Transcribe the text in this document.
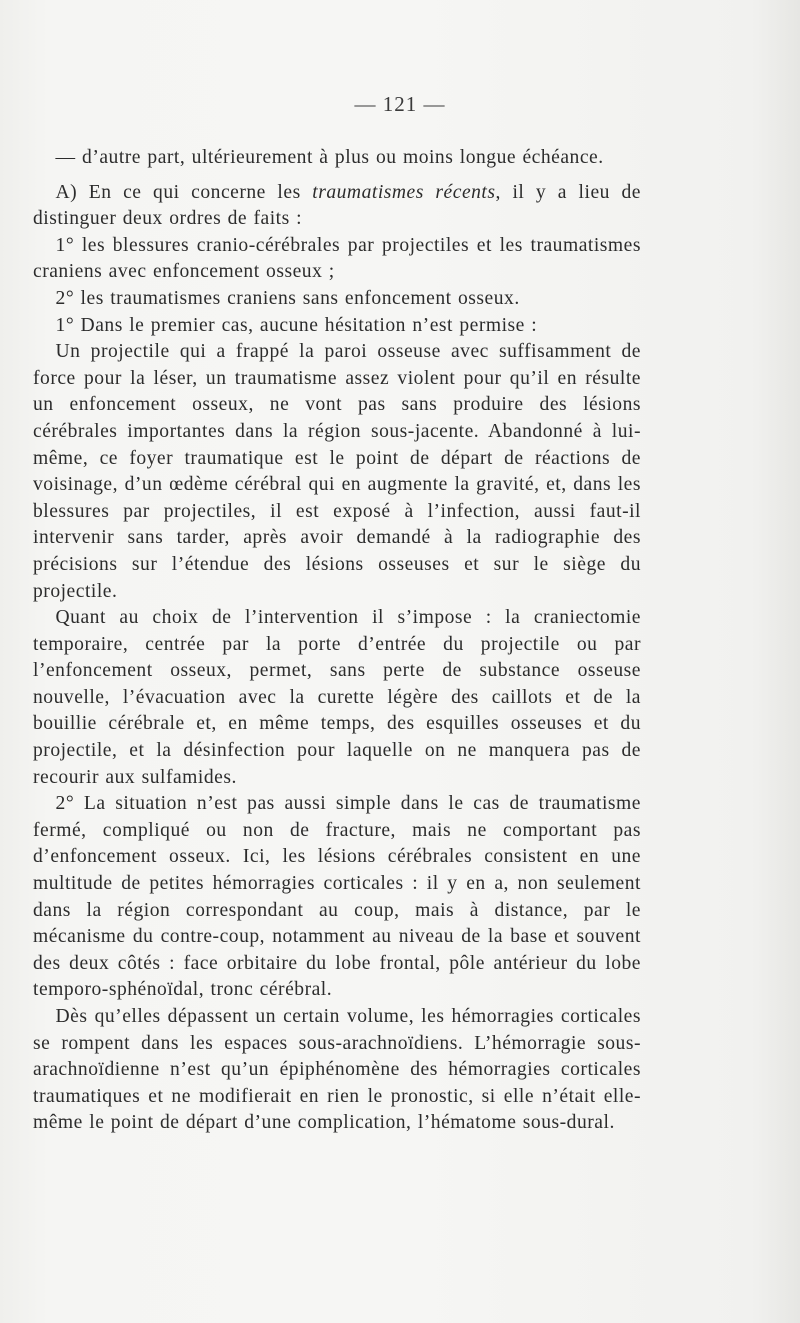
— 121 —

— d’autre part, ultérieurement à plus ou moins longue échéance.

A) En ce qui concerne les traumatismes récents, il y a lieu de distinguer deux ordres de faits :

1° les blessures cranio-cérébrales par projectiles et les traumatismes craniens avec enfoncement osseux ;

2° les traumatismes craniens sans enfoncement osseux.

1° Dans le premier cas, aucune hésitation n’est permise :

Un projectile qui a frappé la paroi osseuse avec suffisamment de force pour la léser, un traumatisme assez violent pour qu’il en résulte un enfoncement osseux, ne vont pas sans produire des lésions cérébrales importantes dans la région sous-jacente. Abandonné à lui-même, ce foyer traumatique est le point de départ de réactions de voisinage, d’un œdème cérébral qui en augmente la gravité, et, dans les blessures par projectiles, il est exposé à l’infection, aussi faut-il intervenir sans tarder, après avoir demandé à la radiographie des précisions sur l’étendue des lésions osseuses et sur le siège du projectile.

Quant au choix de l’intervention il s’impose : la craniectomie temporaire, centrée par la porte d’entrée du projectile ou par l’enfoncement osseux, permet, sans perte de substance osseuse nouvelle, l’évacuation avec la curette légère des caillots et de la bouillie cérébrale et, en même temps, des esquilles osseuses et du projectile, et la désinfection pour laquelle on ne manquera pas de recourir aux sulfamides.

2° La situation n’est pas aussi simple dans le cas de traumatisme fermé, compliqué ou non de fracture, mais ne comportant pas d’enfoncement osseux. Ici, les lésions cérébrales consistent en une multitude de petites hémorragies corticales : il y en a, non seulement dans la région correspondant au coup, mais à distance, par le mécanisme du contre-coup, notamment au niveau de la base et souvent des deux côtés : face orbitaire du lobe frontal, pôle antérieur du lobe temporo-sphénoïdal, tronc cérébral.

Dès qu’elles dépassent un certain volume, les hémorragies corticales se rompent dans les espaces sous-arachnoïdiens. L’hémorragie sous-arachnoïdienne n’est qu’un épiphénomène des hémorragies corticales traumatiques et ne modifierait en rien le pronostic, si elle n’était elle-même le point de départ d’une complication, l’hématome sous-dural.
